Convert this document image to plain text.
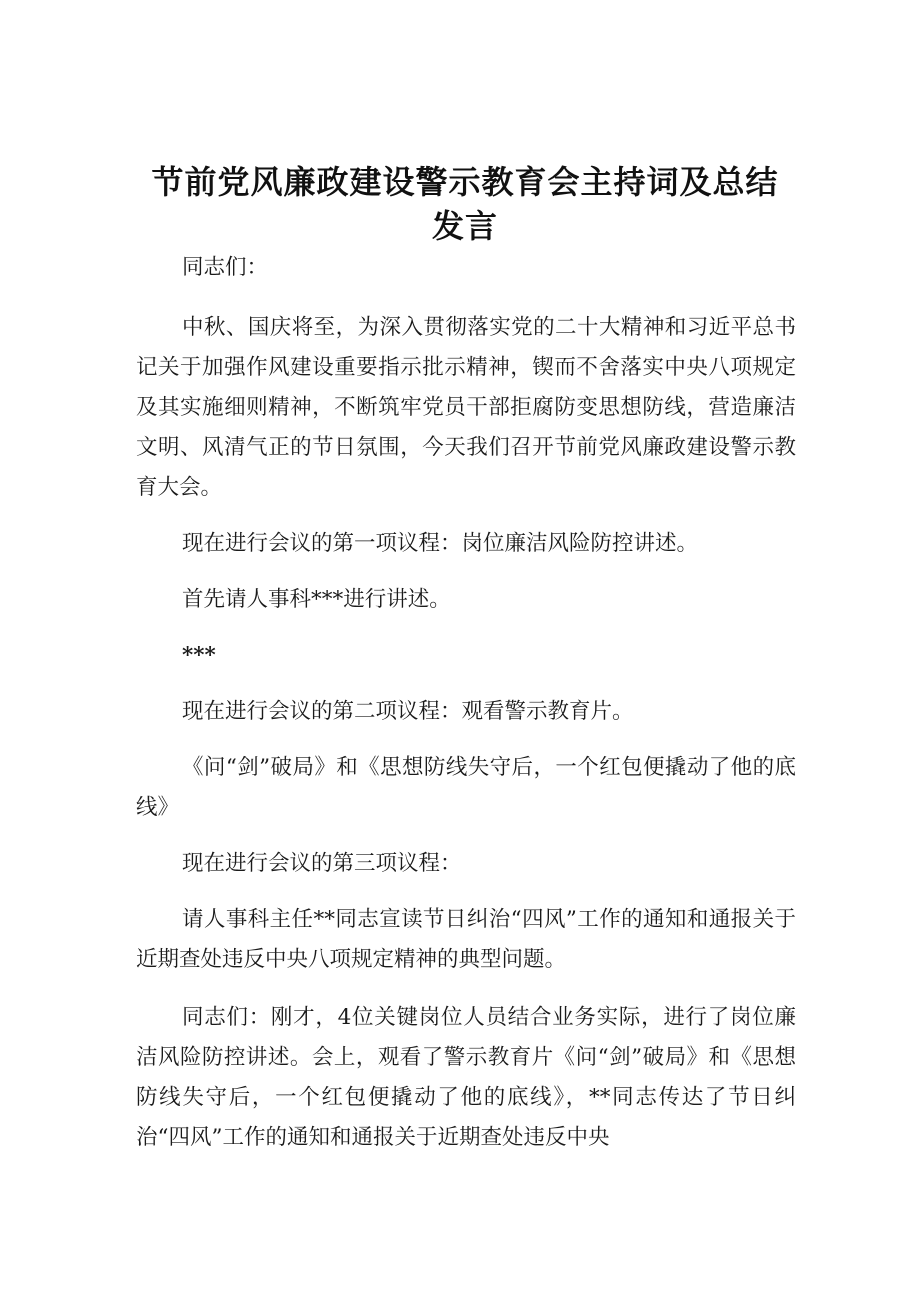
节前党风廉政建设警示教育会主持词及总结发言

同志们：

中秋、国庆将至，为深入贯彻落实党的二十大精神和习近平总书记关于加强作风建设重要指示批示精神，锲而不舍落实中央八项规定及其实施细则精神，不断筑牢党员干部拒腐防变思想防线，营造廉洁文明、风清气正的节日氛围，今天我们召开节前党风廉政建设警示教育大会。

现在进行会议的第一项议程：岗位廉洁风险防控讲述。

首先请人事科***进行讲述。

***

现在进行会议的第二项议程：观看警示教育片。

《问“剑”破局》和《思想防线失守后，一个红包便撬动了他的底线》

现在进行会议的第三项议程：

请人事科主任**同志宣读节日纠治“四风”工作的通知和通报关于近期查处违反中央八项规定精神的典型问题。

同志们：刚才，4位关键岗位人员结合业务实际，进行了岗位廉洁风险防控讲述。会上，观看了警示教育片《问“剑”破局》和《思想防线失守后，一个红包便撬动了他的底线》，**同志传达了节日纠治“四风”工作的通知和通报关于近期查处违反中央
